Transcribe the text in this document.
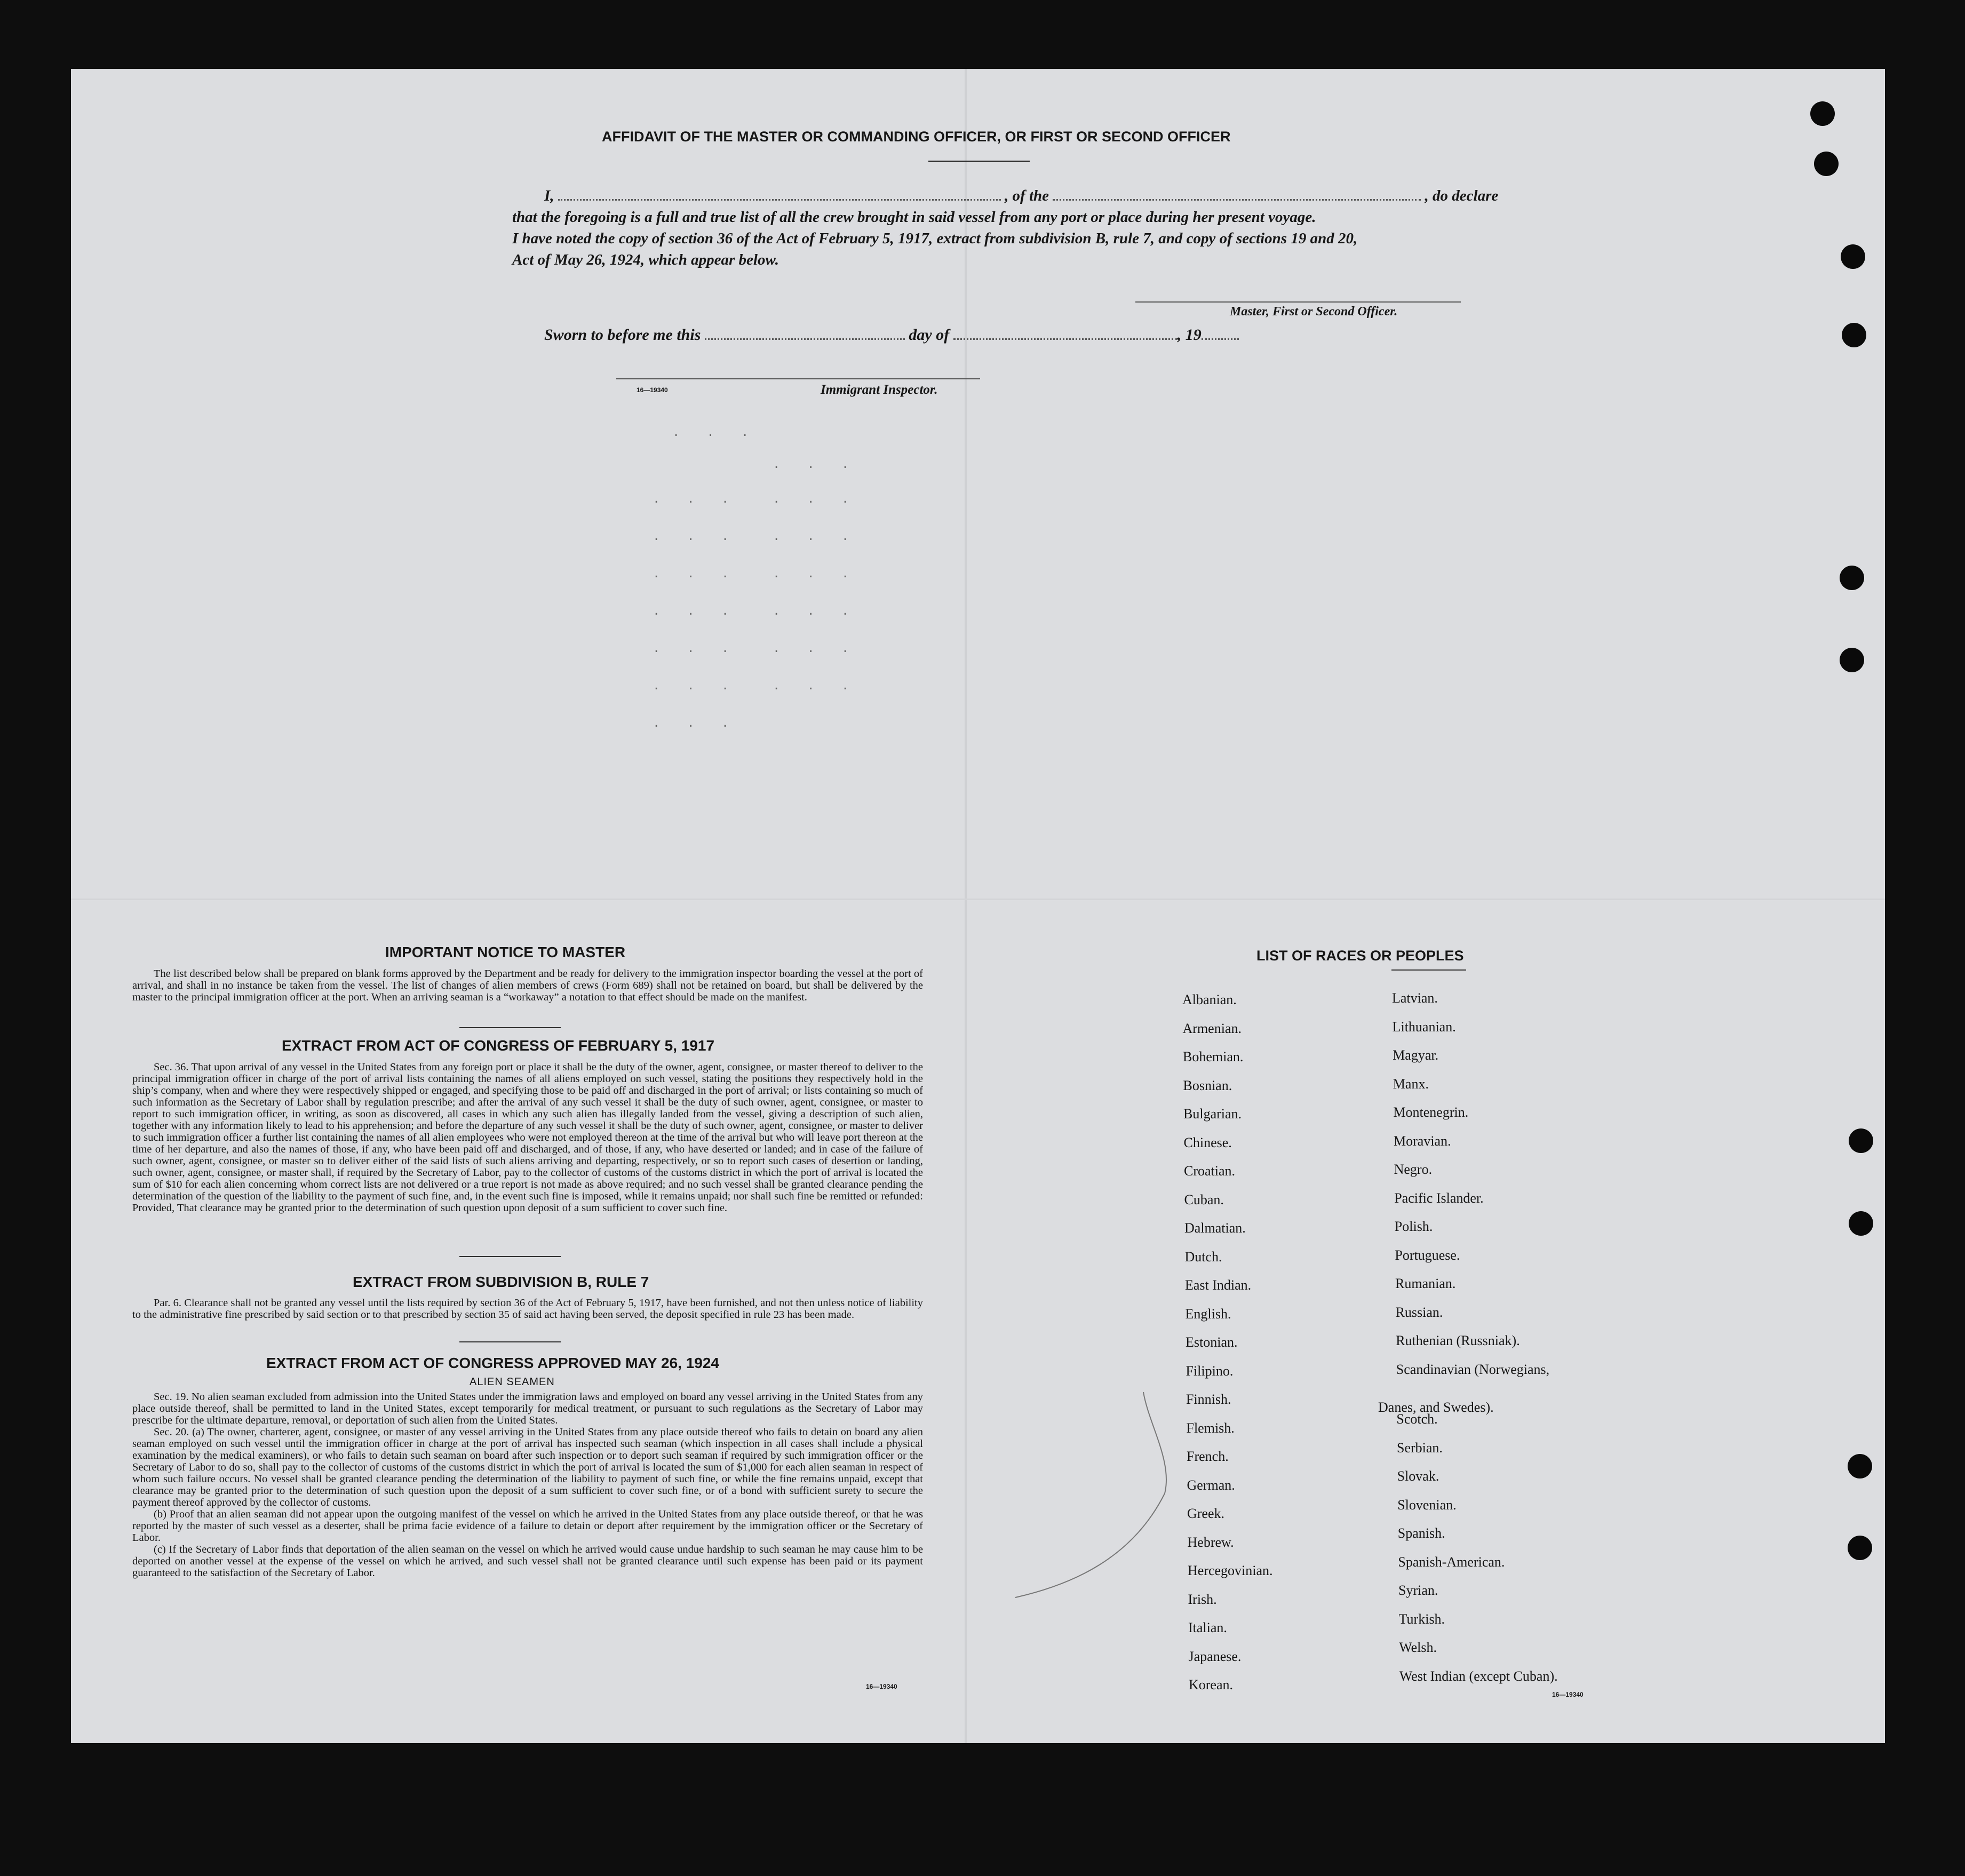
AFFIDAVIT OF THE MASTER OR COMMANDING OFFICER, OR FIRST OR SECOND OFFICER
I,	, of the	, do declare
that the foregoing is a full and true list of all the crew brought in said vessel from any port or place during her present voyage.
I have noted the copy of section 36 of the Act of February 5, 1917, extract from subdivision B, rule 7, and copy of sections 19 and 20,
Act of May 26, 1924, which appear below.
Master, First or Second Officer.
Sworn to before me this	day of	, 19
16—19340	Immigrant Inspector.
. . .
. . .
. . .
. . .
. . .
. . .
. . .
. . .
. . .
. . .
. . .
. . .
. . .
. . .
. . .
IMPORTANT NOTICE TO MASTER

The list described below shall be prepared on blank forms approved by the Department and be ready for delivery to the immigration inspector boarding the vessel at the port of arrival, and shall in no instance be taken from the vessel. The list of changes of alien members of crews (Form 689) shall not be retained on board, but shall be delivered by the master to the principal immigration officer at the port. When an arriving seaman is a “workaway” a notation to that effect should be made on the manifest.

EXTRACT FROM ACT OF CONGRESS OF FEBRUARY 5, 1917

Sec. 36. That upon arrival of any vessel in the United States from any foreign port or place it shall be the duty of the owner, agent, consignee, or master thereof to deliver to the principal immigration officer in charge of the port of arrival lists containing the names of all aliens employed on such vessel, stating the positions they respectively hold in the ship’s company, when and where they were respectively shipped or engaged, and specifying those to be paid off and discharged in the port of arrival; or lists containing so much of such information as the Secretary of Labor shall by regulation prescribe; and after the arrival of any such vessel it shall be the duty of such owner, agent, consignee, or master to report to such immigration officer, in writing, as soon as discovered, all cases in which any such alien has illegally landed from the vessel, giving a description of such alien, together with any information likely to lead to his apprehension; and before the departure of any such vessel it shall be the duty of such owner, agent, consignee, or master to deliver to such immigration officer a further list containing the names of all alien employees who were not employed thereon at the time of the arrival but who will leave port thereon at the time of her departure, and also the names of those, if any, who have been paid off and discharged, and of those, if any, who have deserted or landed; and in case of the failure of such owner, agent, consignee, or master so to deliver either of the said lists of such aliens arriving and departing, respectively, or so to report such cases of desertion or landing, such owner, agent, consignee, or master shall, if required by the Secretary of Labor, pay to the collector of customs of the customs district in which the port of arrival is located the sum of $10 for each alien concerning whom correct lists are not delivered or a true report is not made as above required; and no such vessel shall be granted clearance pending the determination of the question of the liability to the payment of such fine, and, in the event such fine is imposed, while it remains unpaid; nor shall such fine be remitted or refunded: Provided, That clearance may be granted prior to the determination of such question upon deposit of a sum sufficient to cover such fine.

EXTRACT FROM SUBDIVISION B, RULE 7

Par. 6. Clearance shall not be granted any vessel until the lists required by section 36 of the Act of February 5, 1917, have been furnished, and not then unless notice of liability to the administrative fine prescribed by said section or to that prescribed by section 35 of said act having been served, the deposit specified in rule 23 has been made.

EXTRACT FROM ACT OF CONGRESS APPROVED MAY 26, 1924
ALIEN SEAMEN

Sec. 19. No alien seaman excluded from admission into the United States under the immigration laws and employed on board any vessel arriving in the United States from any place outside thereof, shall be permitted to land in the United States, except temporarily for medical treatment, or pursuant to such regulations as the Secretary of Labor may prescribe for the ultimate departure, removal, or deportation of such alien from the United States.

Sec. 20. (a) The owner, charterer, agent, consignee, or master of any vessel arriving in the United States from any place outside thereof who fails to detain on board any alien seaman employed on such vessel until the immigration officer in charge at the port of arrival has inspected such seaman (which inspection in all cases shall include a physical examination by the medical examiners), or who fails to detain such seaman on board after such inspection or to deport such seaman if required by such immigration officer or the Secretary of Labor to do so, shall pay to the collector of customs of the customs district in which the port of arrival is located the sum of $1,000 for each alien seaman in respect of whom such failure occurs. No vessel shall be granted clearance pending the determination of the liability to payment of such fine, or while the fine remains unpaid, except that clearance may be granted prior to the determination of such question upon the deposit of a sum sufficient to cover such fine, or of a bond with sufficient surety to secure the payment thereof approved by the collector of customs.

(b) Proof that an alien seaman did not appear upon the outgoing manifest of the vessel on which he arrived in the United States from any place outside thereof, or that he was reported by the master of such vessel as a deserter, shall be prima facie evidence of a failure to detain or deport after requirement by the immigration officer or the Secretary of Labor.

(c) If the Secretary of Labor finds that deportation of the alien seaman on the vessel on which he arrived would cause undue hardship to such seaman he may cause him to be deported on another vessel at the expense of the vessel on which he arrived, and such vessel shall not be granted clearance until such expense has been paid or its payment guaranteed to the satisfaction of the Secretary of Labor.

16—19340
LIST OF RACES OR PEOPLES
Albanian.
Armenian.
Bohemian.
Bosnian.
Bulgarian.
Chinese.
Croatian.
Cuban.
Dalmatian.
Dutch.
East Indian.
English.
Estonian.
Filipino.
Finnish.
Flemish.
French.
German.
Greek.
Hebrew.
Hercegovinian.
Irish.
Italian.
Japanese.
Korean.
Latvian.
Lithuanian.
Magyar.
Manx.
Montenegrin.
Moravian.
Negro.
Pacific Islander.
Polish.
Portuguese.
Rumanian.
Russian.
Ruthenian (Russniak).
Scandinavian (Norwegians,
Scotch.
Serbian.
Slovak.
Slovenian.
Spanish.
Spanish-American.
Syrian.
Turkish.
Welsh.
West Indian (except Cuban).
Danes, and Swedes).
16—19340
